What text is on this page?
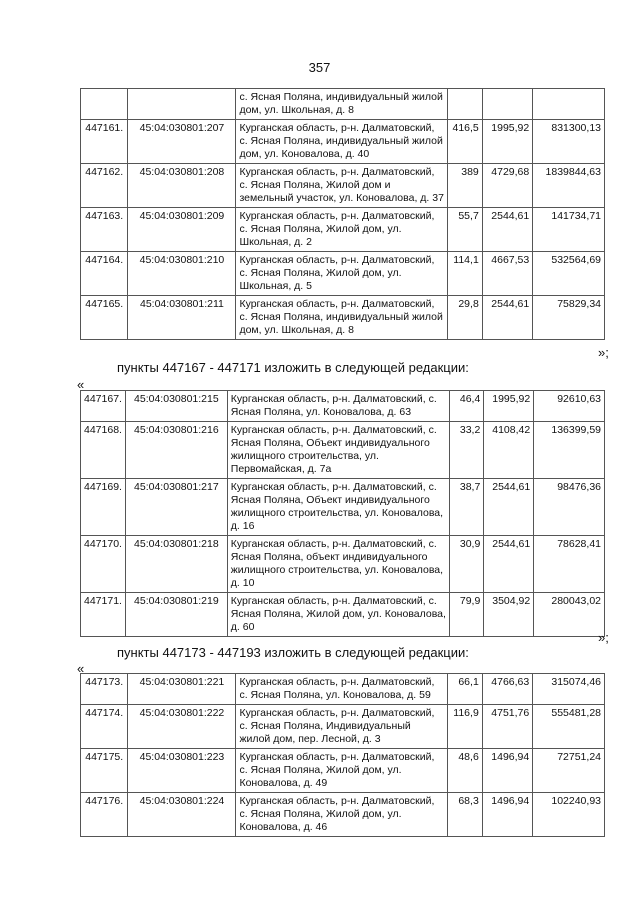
357
		с. Ясная Поляна, индивидуальный жилой дом, ул. Школьная, д. 8			
447161.	45:04:030801:207	Курганская область, р-н. Далматовский, с. Ясная Поляна, индивидуальный жилой дом, ул. Коновалова, д. 40	416,5	1995,92	831300,13
447162.	45:04:030801:208	Курганская область, р-н. Далматовский, с. Ясная Поляна, Жилой дом и земельный участок, ул. Коновалова, д. 37	389	4729,68	1839844,63
447163.	45:04:030801:209	Курганская область, р-н. Далматовский, с. Ясная Поляна, Жилой дом, ул. Школьная, д. 2	55,7	2544,61	141734,71
447164.	45:04:030801:210	Курганская область, р-н. Далматовский, с. Ясная Поляна, Жилой дом, ул. Школьная, д. 5	114,1	4667,53	532564,69
447165.	45:04:030801:211	Курганская область, р-н. Далматовский, с. Ясная Поляна, индивидуальный жилой дом, ул. Школьная, д. 8	29,8	2544,61	75829,34
»;
пункты 447167 - 447171 изложить в следующей редакции:
«
447167.	45:04:030801:215	Курганская область, р-н. Далматовский, с. Ясная Поляна, ул. Коновалова, д. 63	46,4	1995,92	92610,63
447168.	45:04:030801:216	Курганская область, р-н. Далматовский, с. Ясная Поляна, Объект индивидуального жилищного строительства, ул. Первомайская, д. 7а	33,2	4108,42	136399,59
447169.	45:04:030801:217	Курганская область, р-н. Далматовский, с. Ясная Поляна, Объект индивидуального жилищного строительства, ул. Коновалова, д. 16	38,7	2544,61	98476,36
447170.	45:04:030801:218	Курганская область, р-н. Далматовский, с. Ясная Поляна, объект индивидуального жилищного строительства, ул. Коновалова, д. 10	30,9	2544,61	78628,41
447171.	45:04:030801:219	Курганская область, р-н. Далматовский, с. Ясная Поляна, Жилой дом, ул. Коновалова, д. 60	79,9	3504,92	280043,02
»;
пункты 447173 - 447193 изложить в следующей редакции:
«
447173.	45:04:030801:221	Курганская область, р-н. Далматовский, с. Ясная Поляна, ул. Коновалова, д. 59	66,1	4766,63	315074,46
447174.	45:04:030801:222	Курганская область, р-н. Далматовский, с. Ясная Поляна, Индивидуальный жилой дом, пер. Лесной, д. 3	116,9	4751,76	555481,28
447175.	45:04:030801:223	Курганская область, р-н. Далматовский, с. Ясная Поляна, Жилой дом, ул. Коновалова, д. 49	48,6	1496,94	72751,24
447176.	45:04:030801:224	Курганская область, р-н. Далматовский, с. Ясная Поляна, Жилой дом, ул. Коновалова, д. 46	68,3	1496,94	102240,93
